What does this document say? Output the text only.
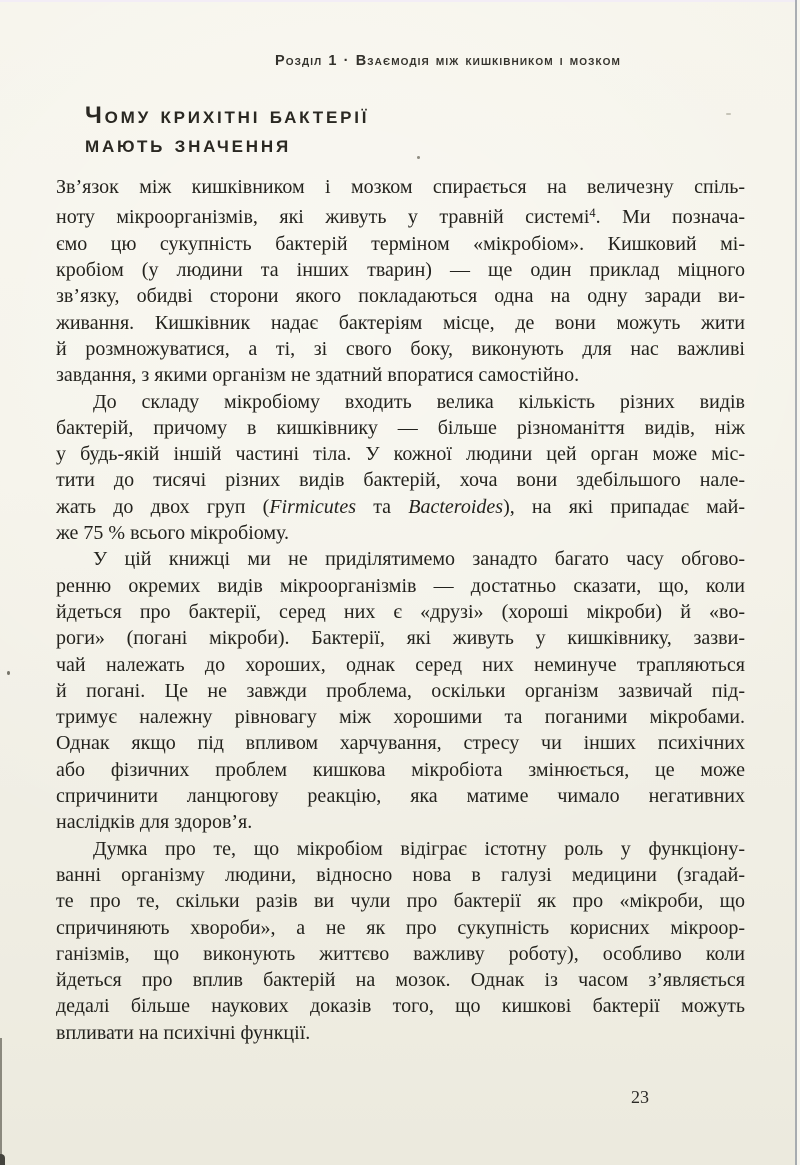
Розділ 1 · Взаємодія між кишківником і мозком
Чому крихітні бактерії
мають значення
Зв’язок між кишківником і мозком спирається на величезну спіль-
ноту мікроорганізмів, які живуть у травній системі$^4$. Ми познача-
ємо цю сукупність бактерій терміном «мікробіом». Кишковий мі-
кробіом (у людини та інших тварин) — ще один приклад міцного
зв’язку, обидві сторони якого покладаються одна на одну заради ви-
живання. Кишківник надає бактеріям місце, де вони можуть жити
й розмножуватися, а ті, зі свого боку, виконують для нас важливі
завдання, з якими організм не здатний впоратися самостійно.
До складу мікробіому входить велика кількість різних видів
бактерій, причому в кишківнику — більше різноманіття видів, ніж
у будь-якій іншій частині тіла. У кожної людини цей орган може міс-
тити до тисячі різних видів бактерій, хоча вони здебільшого нале-
жать до двох груп (Firmicutes та Bacteroides), на які припадає май-
же 75 % всього мікробіому.
У цій книжці ми не приділятимемо занадто багато часу обгово-
ренню окремих видів мікроорганізмів — достатньо сказати, що, коли
йдеться про бактерії, серед них є «друзі» (хороші мікроби) й «во-
роги» (погані мікроби). Бактерії, які живуть у кишківнику, зазви-
чай належать до хороших, однак серед них неминуче трапляються
й погані. Це не завжди проблема, оскільки організм зазвичай під-
тримує належну рівновагу між хорошими та поганими мікробами.
Однак якщо під впливом харчування, стресу чи інших психічних
або фізичних проблем кишкова мікробіота змінюється, це може
спричинити ланцюгову реакцію, яка матиме чимало негативних
наслідків для здоров’я.
Думка про те, що мікробіом відіграє істотну роль у функціону-
ванні організму людини, відносно нова в галузі медицини (згадай-
те про те, скільки разів ви чули про бактерії як про «мікроби, що
спричиняють хвороби», а не як про сукупність корисних мікроор-
ганізмів, що виконують життєво важливу роботу), особливо коли
йдеться про вплив бактерій на мозок. Однак із часом з’являється
дедалі більше наукових доказів того, що кишкові бактерії можуть
впливати на психічні функції.
23
